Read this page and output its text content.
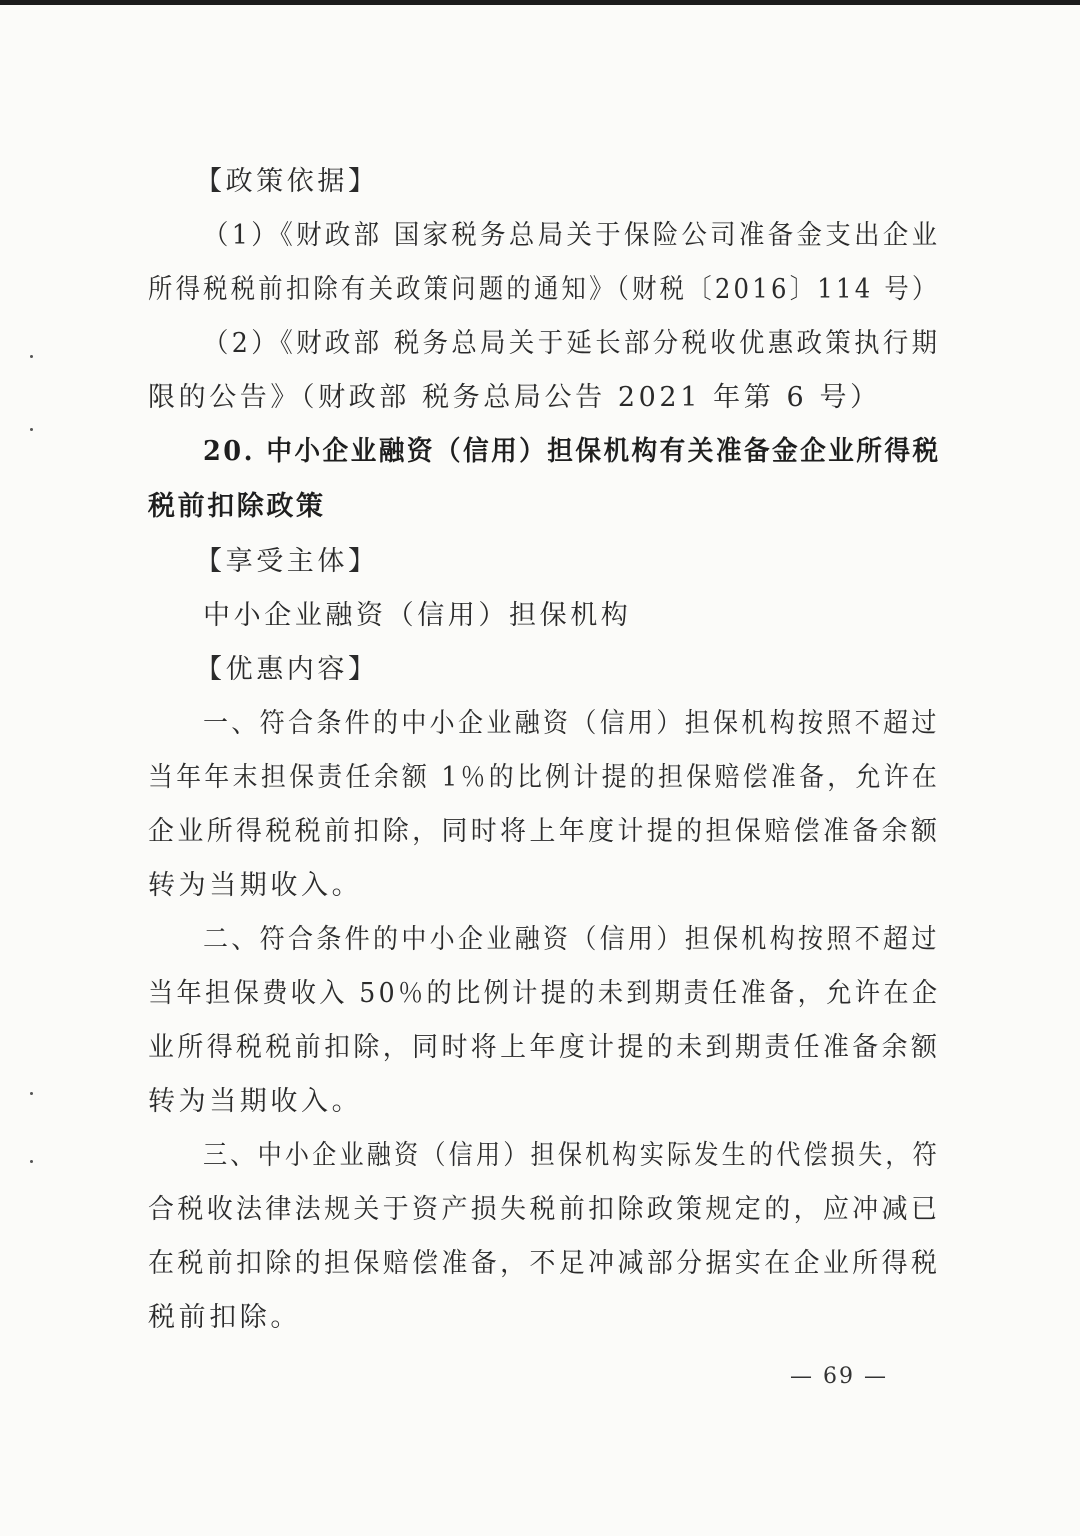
【政策依据】
（1）《财政部 国家税务总局关于保险公司准备金支出企业
所得税税前扣除有关政策问题的通知》（财税〔2016〕114 号）
（2）《财政部 税务总局关于延长部分税收优惠政策执行期
限的公告》（财政部 税务总局公告 2021 年第 6 号）
20. 中小企业融资（信用）担保机构有关准备金企业所得税
税前扣除政策
【享受主体】
中小企业融资（信用）担保机构
【优惠内容】
一、符合条件的中小企业融资（信用）担保机构按照不超过
当年年末担保责任余额 1％的比例计提的担保赔偿准备，允许在
企业所得税税前扣除，同时将上年度计提的担保赔偿准备余额
转为当期收入。
二、符合条件的中小企业融资（信用）担保机构按照不超过
当年担保费收入 50％的比例计提的未到期责任准备，允许在企
业所得税税前扣除，同时将上年度计提的未到期责任准备余额
转为当期收入。
三、中小企业融资（信用）担保机构实际发生的代偿损失，符
合税收法律法规关于资产损失税前扣除政策规定的，应冲减已
在税前扣除的担保赔偿准备，不足冲减部分据实在企业所得税
税前扣除。
— 69 —
